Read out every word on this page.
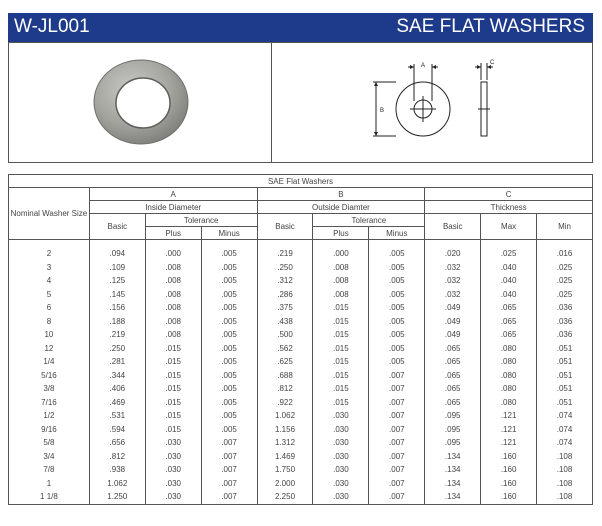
W-JL001	SAE FLAT WASHERS
A
B
C
SAE Flat Washers									
Nominal Washer Size	A			B			C		
	Inside Diameter			Outside Diamter			Thickness		
	Basic	Tolerance		Basic	Tolerance		Basic	Max	Min
		Plus	Minus		Plus	Minus			

2	.094	.000	.005	.219	.000	.005	.020	.025	.016
3	.109	.008	.005	.250	.008	.005	.032	.040	.025
4	.125	.008	.005	.312	.008	.005	.032	.040	.025
5	.145	.008	.005	.286	.008	.005	.032	.040	.025
6	.156	.008	.005	.375	.015	.005	.049	.065	.036
8	.188	.008	.005	.438	.015	.005	.049	.065	.036
10	.219	.008	.005	.500	.015	.005	.049	.065	.036
12	.250	.015	.005	.562	.015	.005	.065	.080	.051
1/4	.281	.015	.005	.625	.015	.005	.065	.080	.051
5/16	.344	.015	.005	.688	.015	.007	.065	.080	.051
3/8	.406	.015	.005	.812	.015	.007	.065	.080	.051
7/16	.469	.015	.005	.922	.015	.007	.065	.080	.051
1/2	.531	.015	.005	1.062	.030	.007	.095	.121	.074
9/16	.594	.015	.005	1.156	.030	.007	.095	.121	.074
5/8	.656	.030	.007	1.312	.030	.007	.095	.121	.074
3/4	.812	.030	.007	1.469	.030	.007	.134	.160	.108
7/8	.938	.030	.007	1.750	.030	.007	.134	.160	.108
1	1.062	.030	.007	2.000	.030	.007	.134	.160	.108
1 1/8	1.250	.030	.007	2.250	.030	.007	.134	.160	.108
